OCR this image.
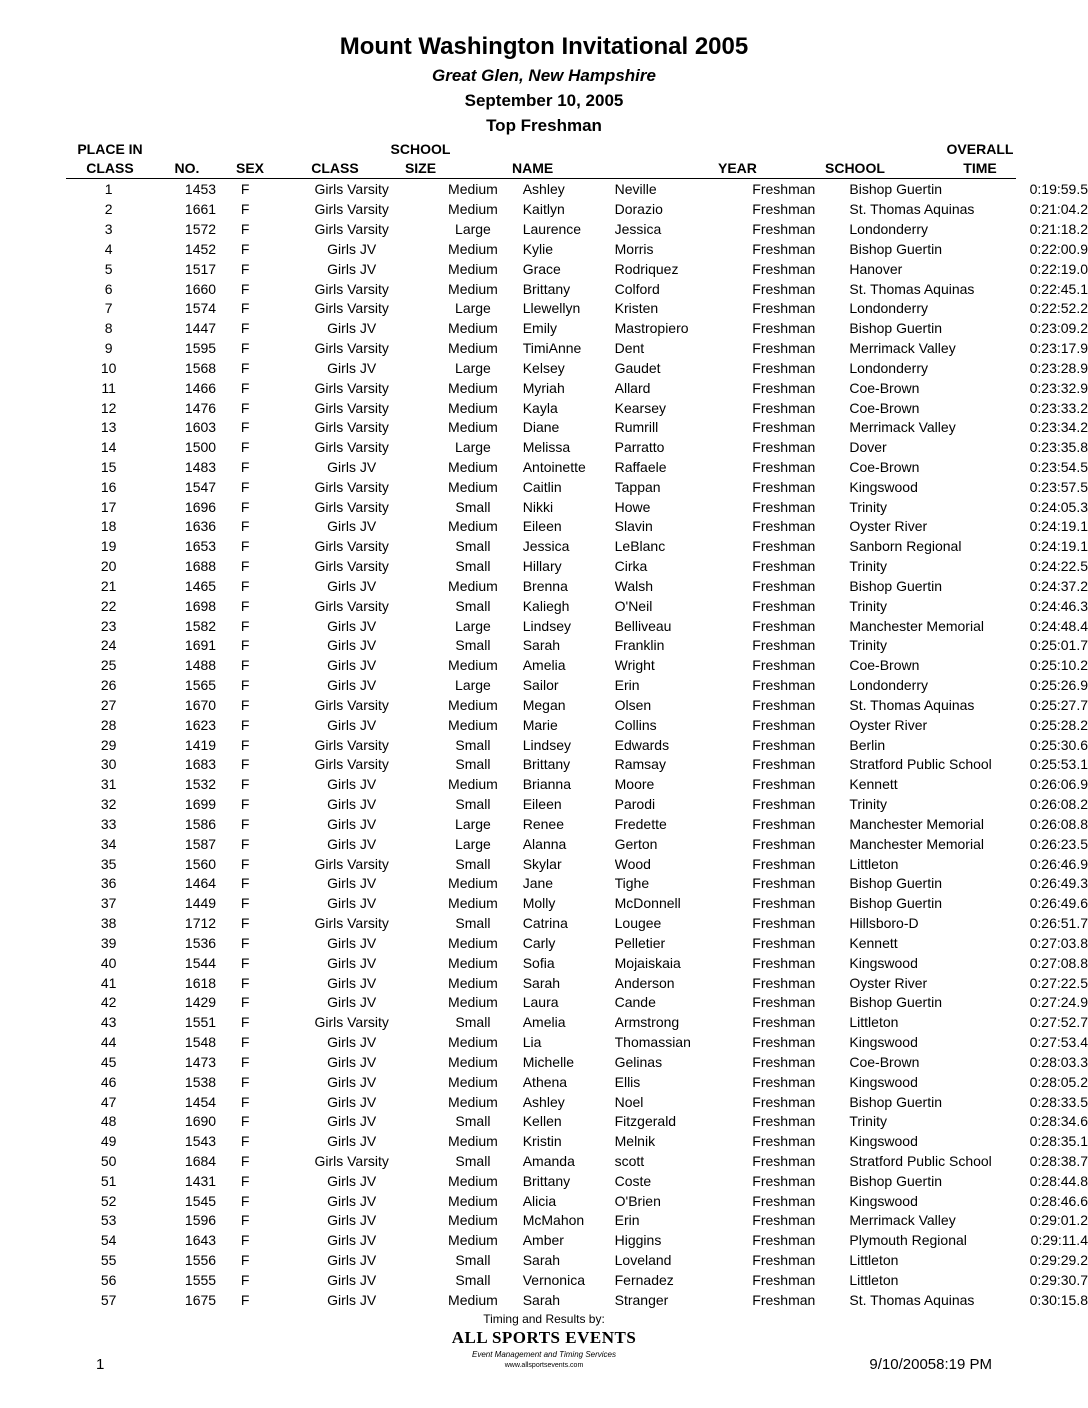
Mount Washington Invitational 2005
Great Glen, New Hampshire
September 10, 2005
Top Freshman
PLACE IN
CLASS	NO.	SEX	CLASS
SCHOOL
SIZE	NAME	YEAR	SCHOOL
OVERALL
TIME
1	1453	F	Girls Varsity	Medium	Ashley	Neville	Freshman	Bishop Guertin	0:19:59.5
2	1661	F	Girls Varsity	Medium	Kaitlyn	Dorazio	Freshman	St. Thomas Aquinas	0:21:04.2
3	1572	F	Girls Varsity	Large	Laurence	Jessica	Freshman	Londonderry	0:21:18.2
4	1452	F	Girls JV	Medium	Kylie	Morris	Freshman	Bishop Guertin	0:22:00.9
5	1517	F	Girls JV	Medium	Grace	Rodriquez	Freshman	Hanover	0:22:19.0
6	1660	F	Girls Varsity	Medium	Brittany	Colford	Freshman	St. Thomas Aquinas	0:22:45.1
7	1574	F	Girls Varsity	Large	Llewellyn	Kristen	Freshman	Londonderry	0:22:52.2
8	1447	F	Girls JV	Medium	Emily	Mastropiero	Freshman	Bishop Guertin	0:23:09.2
9	1595	F	Girls Varsity	Medium	TimiAnne	Dent	Freshman	Merrimack Valley	0:23:17.9
10	1568	F	Girls JV	Large	Kelsey	Gaudet	Freshman	Londonderry	0:23:28.9
11	1466	F	Girls Varsity	Medium	Myriah	Allard	Freshman	Coe-Brown	0:23:32.9
12	1476	F	Girls Varsity	Medium	Kayla	Kearsey	Freshman	Coe-Brown	0:23:33.2
13	1603	F	Girls Varsity	Medium	Diane	Rumrill	Freshman	Merrimack Valley	0:23:34.2
14	1500	F	Girls Varsity	Large	Melissa	Parratto	Freshman	Dover	0:23:35.8
15	1483	F	Girls JV	Medium	Antoinette	Raffaele	Freshman	Coe-Brown	0:23:54.5
16	1547	F	Girls Varsity	Medium	Caitlin	Tappan	Freshman	Kingswood	0:23:57.5
17	1696	F	Girls Varsity	Small	Nikki	Howe	Freshman	Trinity	0:24:05.3
18	1636	F	Girls JV	Medium	Eileen	Slavin	Freshman	Oyster River	0:24:19.1
19	1653	F	Girls Varsity	Small	Jessica	LeBlanc	Freshman	Sanborn Regional	0:24:19.1
20	1688	F	Girls Varsity	Small	Hillary	Cirka	Freshman	Trinity	0:24:22.5
21	1465	F	Girls JV	Medium	Brenna	Walsh	Freshman	Bishop Guertin	0:24:37.2
22	1698	F	Girls Varsity	Small	Kaliegh	O'Neil	Freshman	Trinity	0:24:46.3
23	1582	F	Girls JV	Large	Lindsey	Belliveau	Freshman	Manchester Memorial	0:24:48.4
24	1691	F	Girls JV	Small	Sarah	Franklin	Freshman	Trinity	0:25:01.7
25	1488	F	Girls JV	Medium	Amelia	Wright	Freshman	Coe-Brown	0:25:10.2
26	1565	F	Girls JV	Large	Sailor	Erin	Freshman	Londonderry	0:25:26.9
27	1670	F	Girls Varsity	Medium	Megan	Olsen	Freshman	St. Thomas Aquinas	0:25:27.7
28	1623	F	Girls JV	Medium	Marie	Collins	Freshman	Oyster River	0:25:28.2
29	1419	F	Girls Varsity	Small	Lindsey	Edwards	Freshman	Berlin	0:25:30.6
30	1683	F	Girls Varsity	Small	Brittany	Ramsay	Freshman	Stratford Public School	0:25:53.1
31	1532	F	Girls JV	Medium	Brianna	Moore	Freshman	Kennett	0:26:06.9
32	1699	F	Girls JV	Small	Eileen	Parodi	Freshman	Trinity	0:26:08.2
33	1586	F	Girls JV	Large	Renee	Fredette	Freshman	Manchester Memorial	0:26:08.8
34	1587	F	Girls JV	Large	Alanna	Gerton	Freshman	Manchester Memorial	0:26:23.5
35	1560	F	Girls Varsity	Small	Skylar	Wood	Freshman	Littleton	0:26:46.9
36	1464	F	Girls JV	Medium	Jane	Tighe	Freshman	Bishop Guertin	0:26:49.3
37	1449	F	Girls JV	Medium	Molly	McDonnell	Freshman	Bishop Guertin	0:26:49.6
38	1712	F	Girls Varsity	Small	Catrina	Lougee	Freshman	Hillsboro-D	0:26:51.7
39	1536	F	Girls JV	Medium	Carly	Pelletier	Freshman	Kennett	0:27:03.8
40	1544	F	Girls JV	Medium	Sofia	Mojaiskaia	Freshman	Kingswood	0:27:08.8
41	1618	F	Girls JV	Medium	Sarah	Anderson	Freshman	Oyster River	0:27:22.5
42	1429	F	Girls JV	Medium	Laura	Cande	Freshman	Bishop Guertin	0:27:24.9
43	1551	F	Girls Varsity	Small	Amelia	Armstrong	Freshman	Littleton	0:27:52.7
44	1548	F	Girls JV	Medium	Lia	Thomassian	Freshman	Kingswood	0:27:53.4
45	1473	F	Girls JV	Medium	Michelle	Gelinas	Freshman	Coe-Brown	0:28:03.3
46	1538	F	Girls JV	Medium	Athena	Ellis	Freshman	Kingswood	0:28:05.2
47	1454	F	Girls JV	Medium	Ashley	Noel	Freshman	Bishop Guertin	0:28:33.5
48	1690	F	Girls JV	Small	Kellen	Fitzgerald	Freshman	Trinity	0:28:34.6
49	1543	F	Girls JV	Medium	Kristin	Melnik	Freshman	Kingswood	0:28:35.1
50	1684	F	Girls Varsity	Small	Amanda	scott	Freshman	Stratford Public School	0:28:38.7
51	1431	F	Girls JV	Medium	Brittany	Coste	Freshman	Bishop Guertin	0:28:44.8
52	1545	F	Girls JV	Medium	Alicia	O'Brien	Freshman	Kingswood	0:28:46.6
53	1596	F	Girls JV	Medium	McMahon	Erin	Freshman	Merrimack Valley	0:29:01.2
54	1643	F	Girls JV	Medium	Amber	Higgins	Freshman	Plymouth Regional	0:29:11.4
55	1556	F	Girls JV	Small	Sarah	Loveland	Freshman	Littleton	0:29:29.2
56	1555	F	Girls JV	Small	Vernonica	Fernadez	Freshman	Littleton	0:29:30.7
57	1675	F	Girls JV	Medium	Sarah	Stranger	Freshman	St. Thomas Aquinas	0:30:15.8
Timing and Results by:
ALL SPORTS EVENTS
Event Management and Timing Services
www.allsportsevents.com
1	9/10/20058:19 PM
